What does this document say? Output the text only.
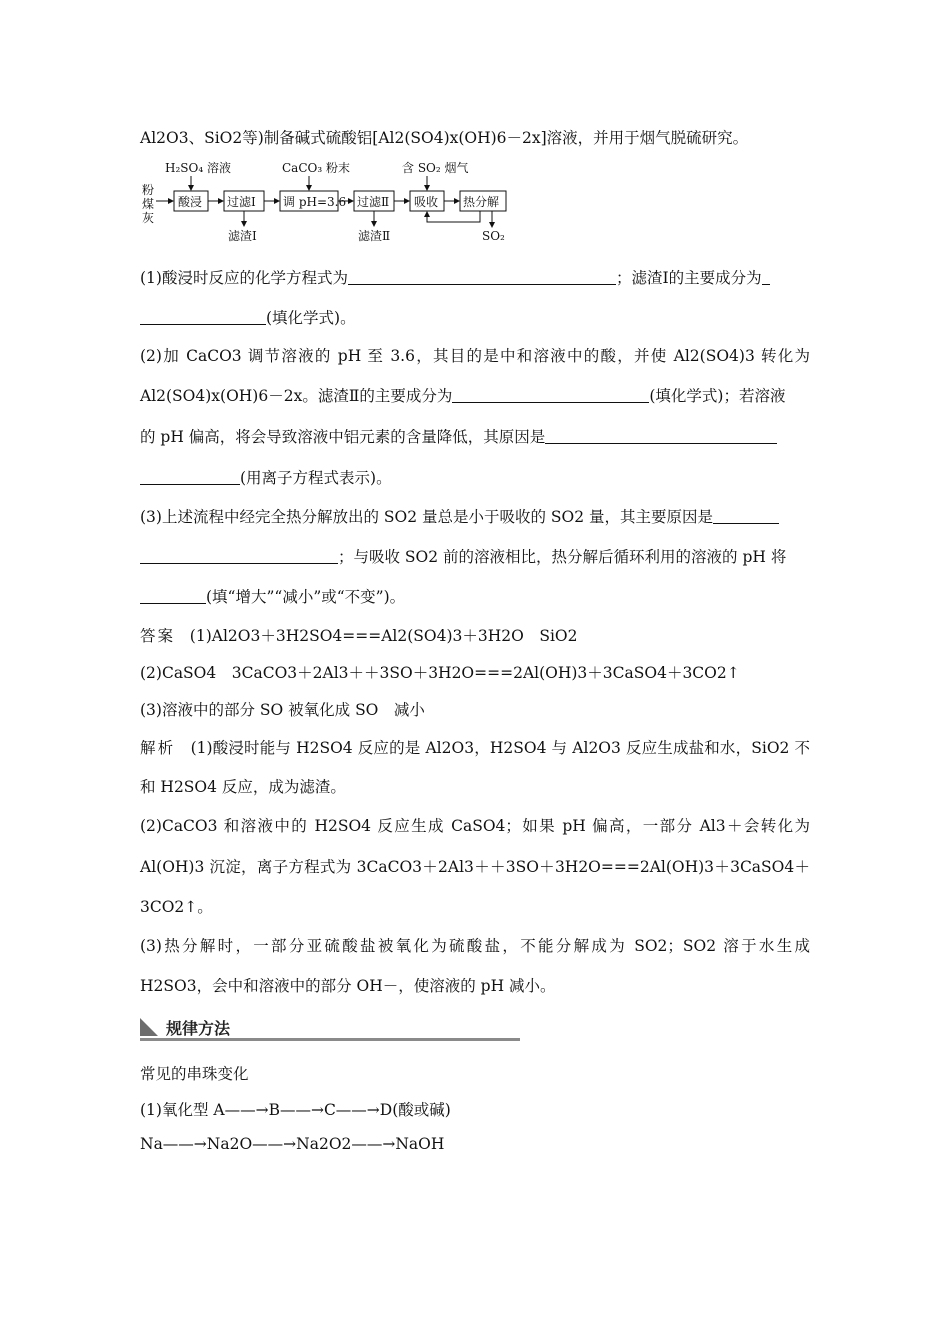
Al2O3、SiO2等)制备碱式硫酸铝[Al2(SO4)x(OH)6－2x]溶液，并用于烟气脱硫研究。
粉
煤
灰
H₂SO₄ 溶液	CaCO₃ 粉末	含 SO₂ 烟气
酸浸 过滤Ⅰ 调 pH=3.6 过滤Ⅱ 吸收 热分解
滤渣Ⅰ	滤渣Ⅱ	SO₂
(1)酸浸时反应的化学方程式为	；滤渣Ⅰ的主要成分为
(填化学式)。
(2)加 CaCO3 调节溶液的 pH 至 3.6，其目的是中和溶液中的酸，并使 Al2(SO4)3 转化为
Al2(SO4)x(OH)6－2x。滤渣Ⅱ的主要成分为	(填化学式)；若溶液
的 pH 偏高，将会导致溶液中铝元素的含量降低，其原因是
(用离子方程式表示)。
(3)上述流程中经完全热分解放出的 SO2 量总是小于吸收的 SO2 量，其主要原因是
；与吸收 SO2 前的溶液相比，热分解后循环利用的溶液的 pH 将
(填“增大”“减小”或“不变”)。
答案 (1)Al2O3＋3H2SO4===Al2(SO4)3＋3H2O　SiO2
(2)CaSO4　3CaCO3＋2Al3＋＋3SO＋3H2O===2Al(OH)3＋3CaSO4＋3CO2↑
(3)溶液中的部分 SO 被氧化成 SO　减小
解析 (1)酸浸时能与 H2SO4 反应的是 Al2O3，H2SO4 与 Al2O3 反应生成盐和水，SiO2 不
和 H2SO4 反应，成为滤渣。
(2)CaCO3 和溶液中的 H2SO4 反应生成 CaSO4；如果 pH 偏高，一部分 Al3＋会转化为
Al(OH)3 沉淀，离子方程式为 3CaCO3＋2Al3＋＋3SO＋3H2O===2Al(OH)3＋3CaSO4＋
3CO2↑。
(3)热分解时，一部分亚硫酸盐被氧化为硫酸盐，不能分解成为 SO2；SO2 溶于水生成
H2SO3，会中和溶液中的部分 OH－，使溶液的 pH 减小。
规律方法
常见的串珠变化
(1)氧化型 A——→B——→C——→D(酸或碱)
Na——→Na2O——→Na2O2——→NaOH
